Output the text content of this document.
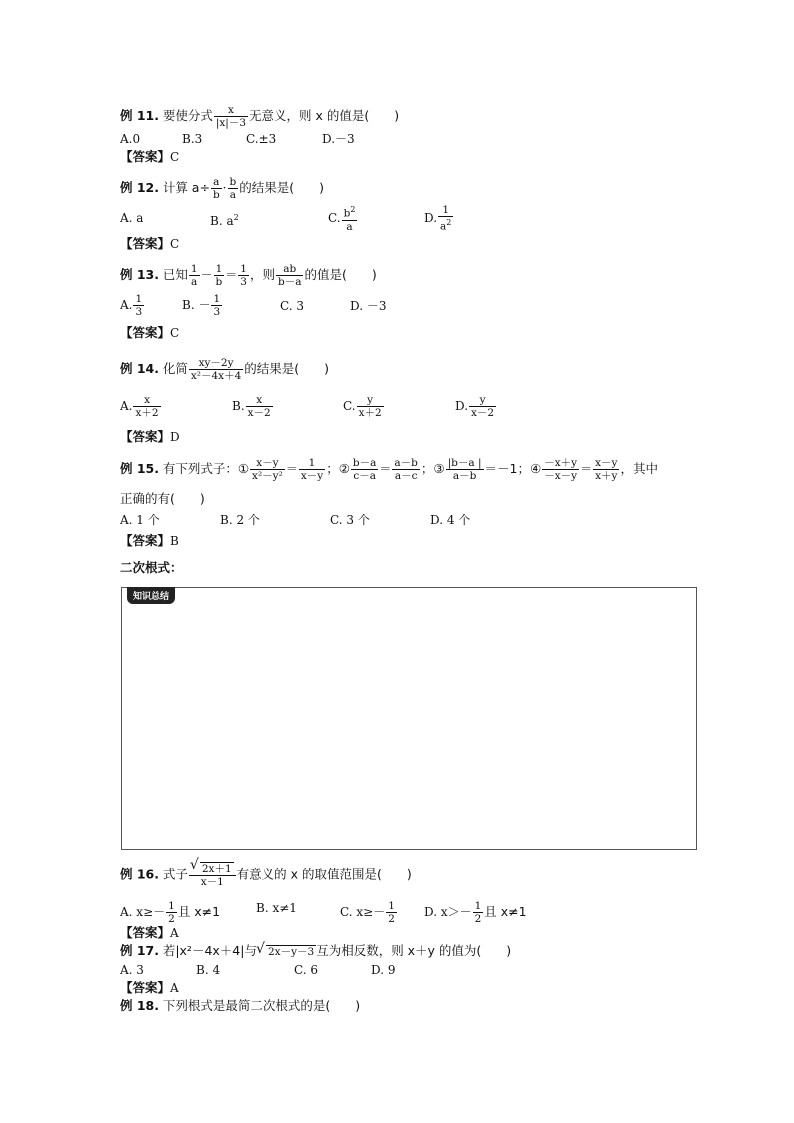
例 11. 要使分式 $\frac{x}{|x|-3}$ 无意义，则 x 的值是(　　)
A.0	B.3	C.±3	D.－3
【答案】C
例 12. 计算 $a\div \frac{a}{b} \cdot \frac{b}{a}$ 的结果是(　　)
A. a	B. $a^2$	C. $\frac{b^2}{a}$	D. $\frac{1}{a^2}$
【答案】C
例 13. 已知 $\frac{1}{a} - \frac{1}{b} = \frac{1}{3}$ ，则 $\frac{ab}{b-a}$ 的值是(　　)
A. $\frac{1}{3}$	B. － $\frac{1}{3}$	C. 3	D. －3
【答案】C
例 14. 化简 $\frac{xy-2y}{\text{x²－4x＋4}}$ 的结果是(　　)
A. $\frac{x}{x+2}$	B. $\frac{x}{x-2}$	C. $\frac{y}{x+2}$	D. $\frac{y}{x-2}$
【答案】D
例 15. 有下列式子：① $\frac{x-y}{\text{x²－y²}} = \frac{1}{x-y}$ ；② $\frac{b-a}{c-a} = \frac{a-b}{a-c}$ ；③ $\frac{|b-a |}{a-b} =-1$；④ $\frac{-x+y}{-x-y} = \frac{x-y}{x+y}$ ，其中
正确的有(　　)
A. 1 个	B. 2 个	C. 3 个	D. 4 个
【答案】B
二次根式：
知识总结
例 16. 式子 √ $\frac{2x+1}{x-1}$ 有意义的 x 的取值范围是(　　)
A. $x\ge- \frac{1}{2}$ 且 x≠1	B. x≠1	C. $x\ge- \frac{1}{2} D$. $x>- \frac{1}{2}$ 且 x≠1
【答案】A
例 17. 若|x²－4x＋4|与 √ 2x－y－3 互为相反数，则 x＋y 的值为(　　)
A. 3	B. 4	C. 6	D. 9
【答案】A
例 18. 下列根式是最简二次根式的是(　　)
